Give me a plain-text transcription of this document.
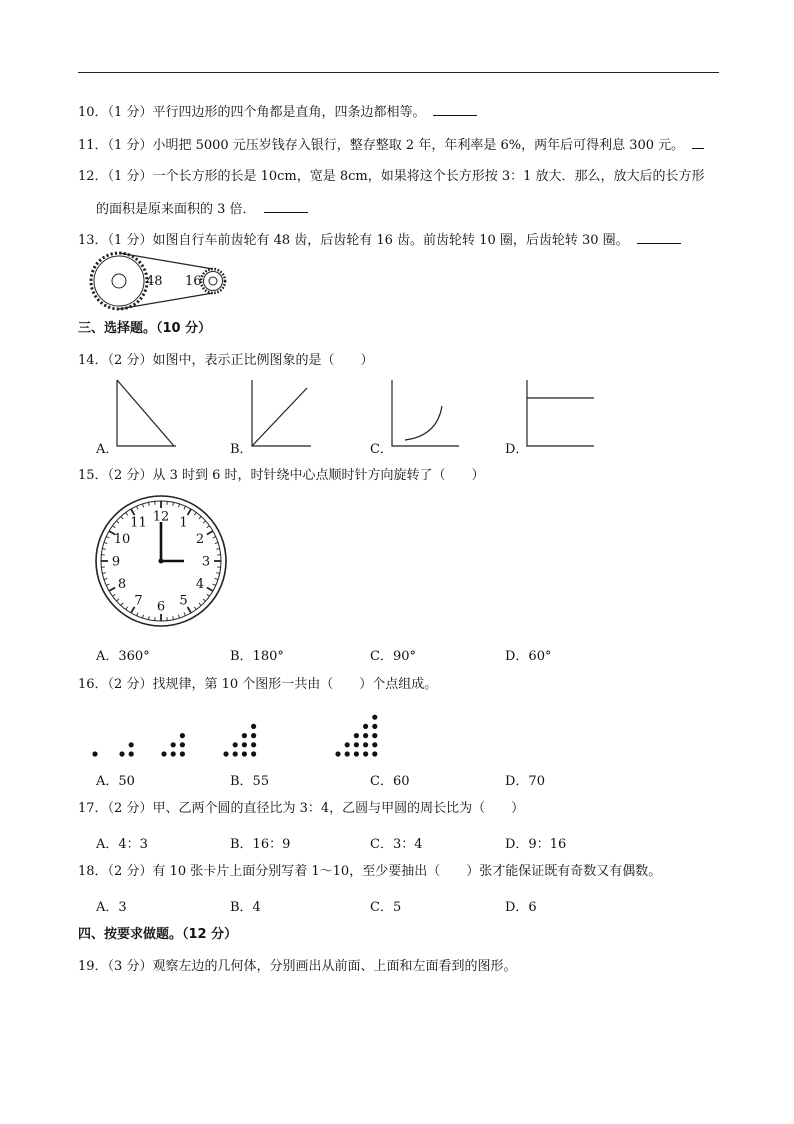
10．（1 分）平行四边形的四个角都是直角，四条边都相等。
11．（1 分）小明把 5000 元压岁钱存入银行，整存整取 2 年，年利率是 6%，两年后可得利息 300 元。
12．（1 分）一个长方形的长是 10cm，宽是 8cm，如果将这个长方形按 3：1 放大．那么，放大后的长方形
的面积是原来面积的 3 倍．
13．（1 分）如图自行车前齿轮有 48 齿，后齿轮有 16 齿。前齿轮转 10 圈，后齿轮转 30 圈。
48 16
三、选择题。（10 分）
14．（2 分）如图中，表示正比例图象的是（　　）
A．	B．	C．	D．
15．（2 分）从 3 时到 6 时，时针绕中心点顺时针方向旋转了（　　）
12 1
2
3
4
5
6
7
8
9
10
11
A．360°	B．180°	C．90°	D．60°
16．（2 分）找规律，第 10 个图形一共由（　　）个点组成。
A．50	B．55	C．60	D．70
17．（2 分）甲、乙两个圆的直径比为 3：4，乙圆与甲圆的周长比为（　　）
A．4：3	B．16：9	C．3：4	D．9：16
18．（2 分）有 10 张卡片上面分别写着 1～10，至少要抽出（　　）张才能保证既有奇数又有偶数。
A．3	B．4	C．5	D．6
四、按要求做题。（12 分）
19．（3 分）观察左边的几何体，分别画出从前面、上面和左面看到的图形。
